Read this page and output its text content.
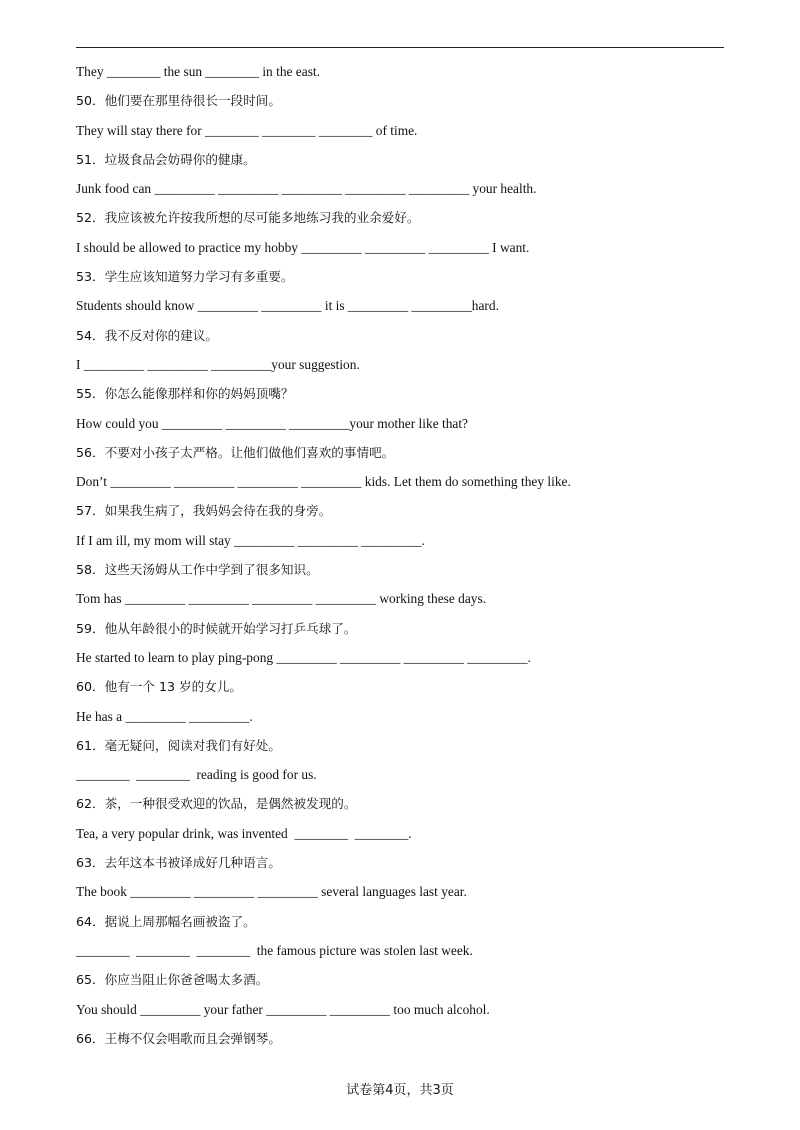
They ________ the sun ________ in the east.
50．他们要在那里待很长一段时间。
They will stay there for ________ ________ ________ of time.
51．垃圾食品会妨碍你的健康。
Junk food can _________ _________ _________ _________ _________ your health.
52．我应该被允许按我所想的尽可能多地练习我的业余爱好。
I should be allowed to practice my hobby _________ _________ _________ I want.
53．学生应该知道努力学习有多重要。
Students should know _________ _________ it is _________ _________hard.
54．我不反对你的建议。
I _________ _________ _________your suggestion.
55．你怎么能像那样和你的妈妈顶嘴？
How could you _________ _________ _________your mother like that?
56．不要对小孩子太严格。让他们做他们喜欢的事情吧。
Don’t _________ _________ _________ _________ kids. Let them do something they like.
57．如果我生病了，我妈妈会待在我的身旁。
If I am ill, my mom will stay _________ _________ _________.
58．这些天汤姆从工作中学到了很多知识。
Tom has _________ _________ _________ _________ working these days.
59．他从年龄很小的时候就开始学习打乒乓球了。
He started to learn to play ping-pong _________ _________ _________ _________.
60．他有一个 13 岁的女儿。
He has a _________ _________.
61．毫无疑问，阅读对我们有好处。
________  ________  reading is good for us.
62．茶，一种很受欢迎的饮品，是偶然被发现的。
Tea, a very popular drink, was invented  ________  ________.
63．去年这本书被译成好几种语言。
The book _________ _________ _________ several languages last year.
64．据说上周那幅名画被盗了。
________  ________  ________  the famous picture was stolen last week.
65．你应当阻止你爸爸喝太多酒。
You should _________ your father _________ _________ too much alcohol.
66．王梅不仅会唱歌而且会弹钢琴。
试卷第4页，共3页
